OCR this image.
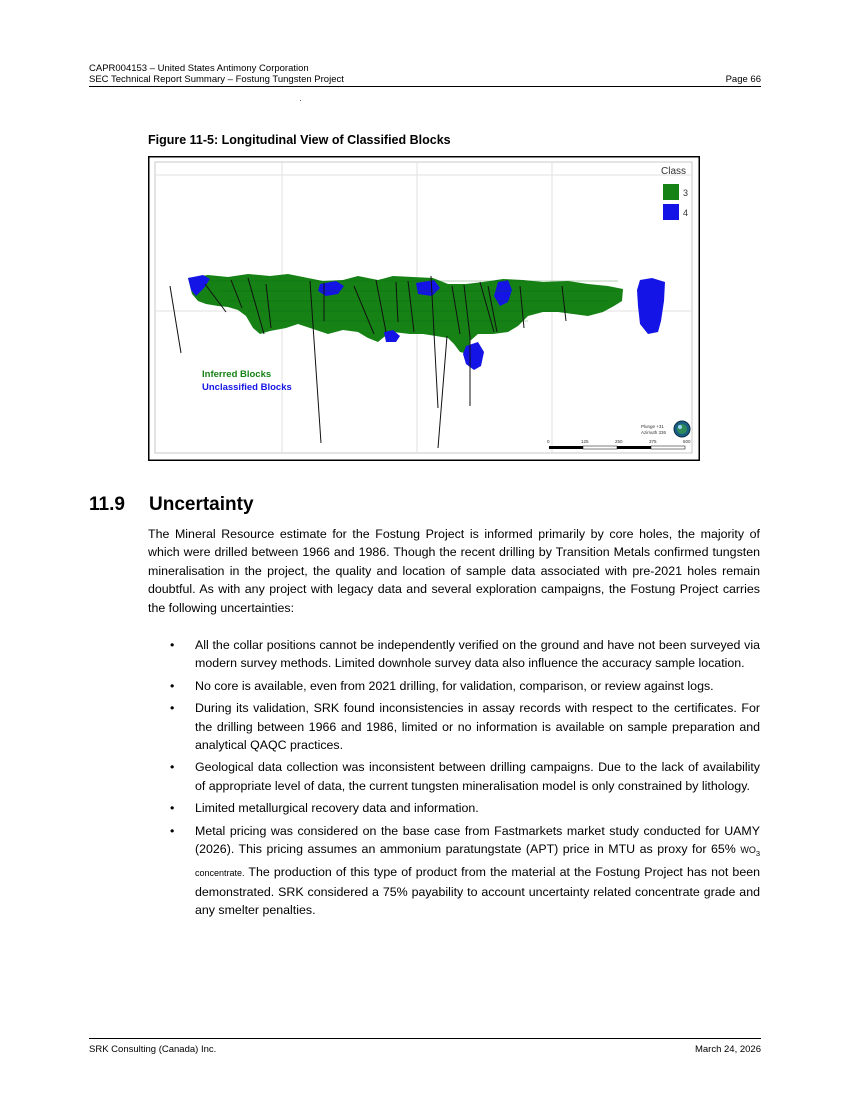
CAPR004153 – United States Antimony Corporation
SEC Technical Report Summary – Fostung Tungsten Project	Page 66
Figure 11-5: Longitudinal View of Classified Blocks
Class
3
4
Inferred Blocks
Unclassified Blocks
Plunge +31
Azimuth 336
0	125	250	375	500
11.9 Uncertainty

The Mineral Resource estimate for the Fostung Project is informed primarily by core holes, the majority of which were drilled between 1966 and 1986. Though the recent drilling by Transition Metals confirmed tungsten mineralisation in the project, the quality and location of sample data associated with pre-2021 holes remain doubtful. As with any project with legacy data and several exploration campaigns, the Fostung Project carries the following uncertainties:

• All the collar positions cannot be independently verified on the ground and have not been surveyed via modern survey methods. Limited downhole survey data also influence the accuracy sample location.
• No core is available, even from 2021 drilling, for validation, comparison, or review against logs.
• During its validation, SRK found inconsistencies in assay records with respect to the certificates. For the drilling between 1966 and 1986, limited or no information is available on sample preparation and analytical QAQC practices.
• Geological data collection was inconsistent between drilling campaigns. Due to the lack of availability of appropriate level of data, the current tungsten mineralisation model is only constrained by lithology.
• Limited metallurgical recovery data and information.
• Metal pricing was considered on the base case from Fastmarkets market study conducted for UAMY (2026). This pricing assumes an ammonium paratungstate (APT) price in MTU as proxy for 65% $WO_3$ concentrate. The production of this type of product from the material at the Fostung Project has not been demonstrated. SRK considered a 75% payability to account uncertainty related concentrate grade and any smelter penalties.
SRK Consulting (Canada) Inc.	March 24, 2026
